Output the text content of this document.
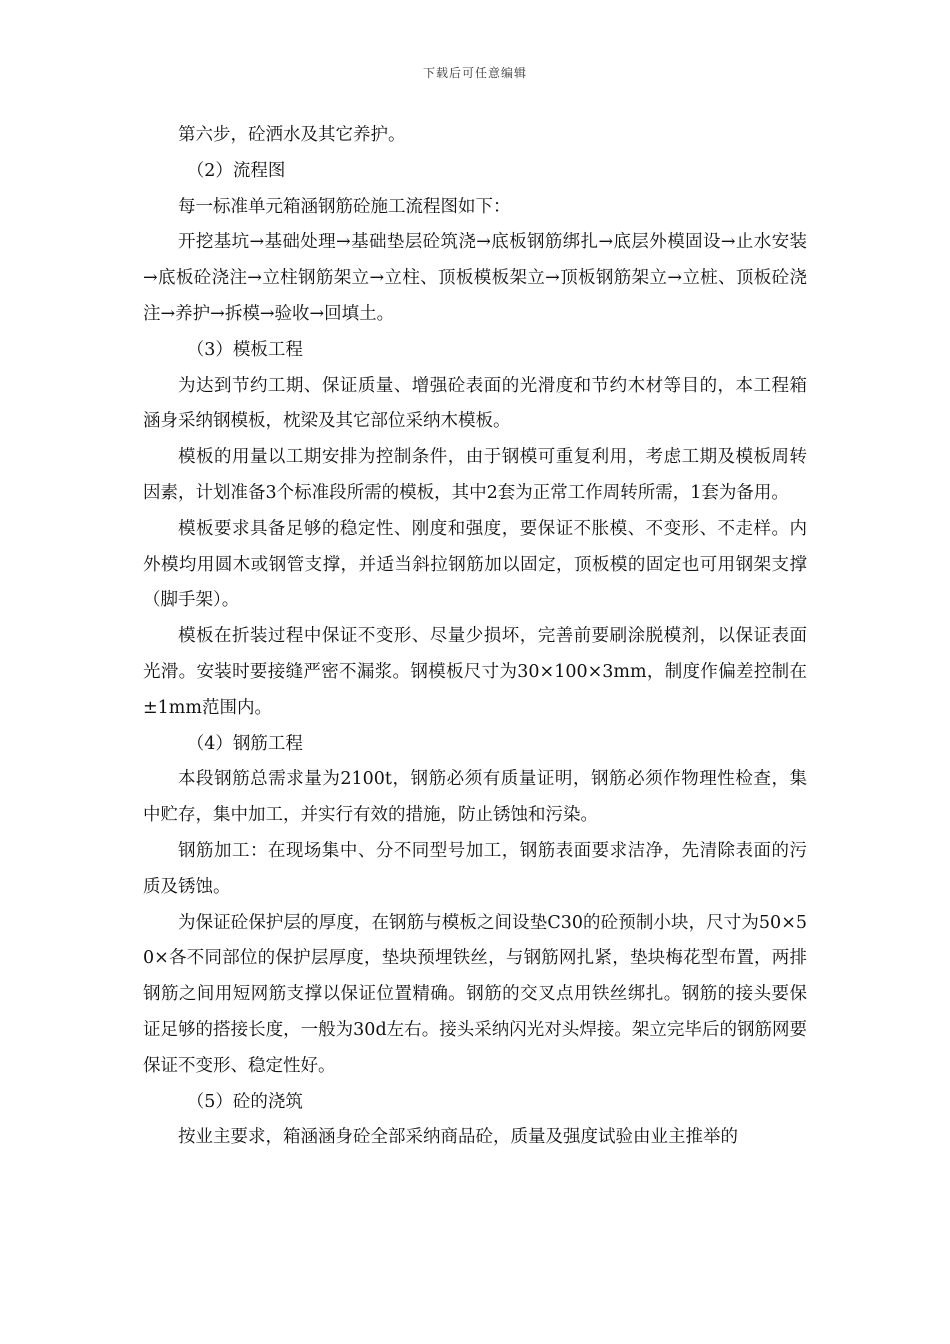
下载后可任意编辑

第六步，砼洒水及其它养护。

（2）流程图

每一标准单元箱涵钢筋砼施工流程图如下：

开挖基坑→基础处理→基础垫层砼筑浇→底板钢筋绑扎→底层外模固设→止水安装→底板砼浇注→立柱钢筋架立→立柱、顶板模板架立→顶板钢筋架立→立桩、顶板砼浇注→养护→拆模→验收→回填土。

（3）模板工程

为达到节约工期、保证质量、增强砼表面的光滑度和节约木材等目的，本工程箱涵身采纳钢模板，枕梁及其它部位采纳木模板。

模板的用量以工期安排为控制条件，由于钢模可重复利用，考虑工期及模板周转因素，计划准备3个标准段所需的模板，其中2套为正常工作周转所需，1套为备用。

模板要求具备足够的稳定性、刚度和强度，要保证不胀模、不变形、不走样。内外模均用圆木或钢管支撑，并适当斜拉钢筋加以固定，顶板模的固定也可用钢架支撑（脚手架）。

模板在折装过程中保证不变形、尽量少损坏，完善前要刷涂脱模剂，以保证表面光滑。安装时要接缝严密不漏浆。钢模板尺寸为30×100×3mm，制度作偏差控制在±1mm范围内。

（4）钢筋工程

本段钢筋总需求量为2100t，钢筋必须有质量证明，钢筋必须作物理性检查，集中贮存，集中加工，并实行有效的措施，防止锈蚀和污染。

钢筋加工：在现场集中、分不同型号加工，钢筋表面要求洁净，先清除表面的污质及锈蚀。

为保证砼保护层的厚度，在钢筋与模板之间设垫C30的砼预制小块，尺寸为50×50×各不同部位的保护层厚度，垫块预埋铁丝，与钢筋网扎紧，垫块梅花型布置，两排钢筋之间用短网筋支撑以保证位置精确。钢筋的交叉点用铁丝绑扎。钢筋的接头要保证足够的搭接长度，一般为30d左右。接头采纳闪光对头焊接。架立完毕后的钢筋网要保证不变形、稳定性好。

（5）砼的浇筑

按业主要求，箱涵涵身砼全部采纳商品砼，质量及强度试验由业主推举的
